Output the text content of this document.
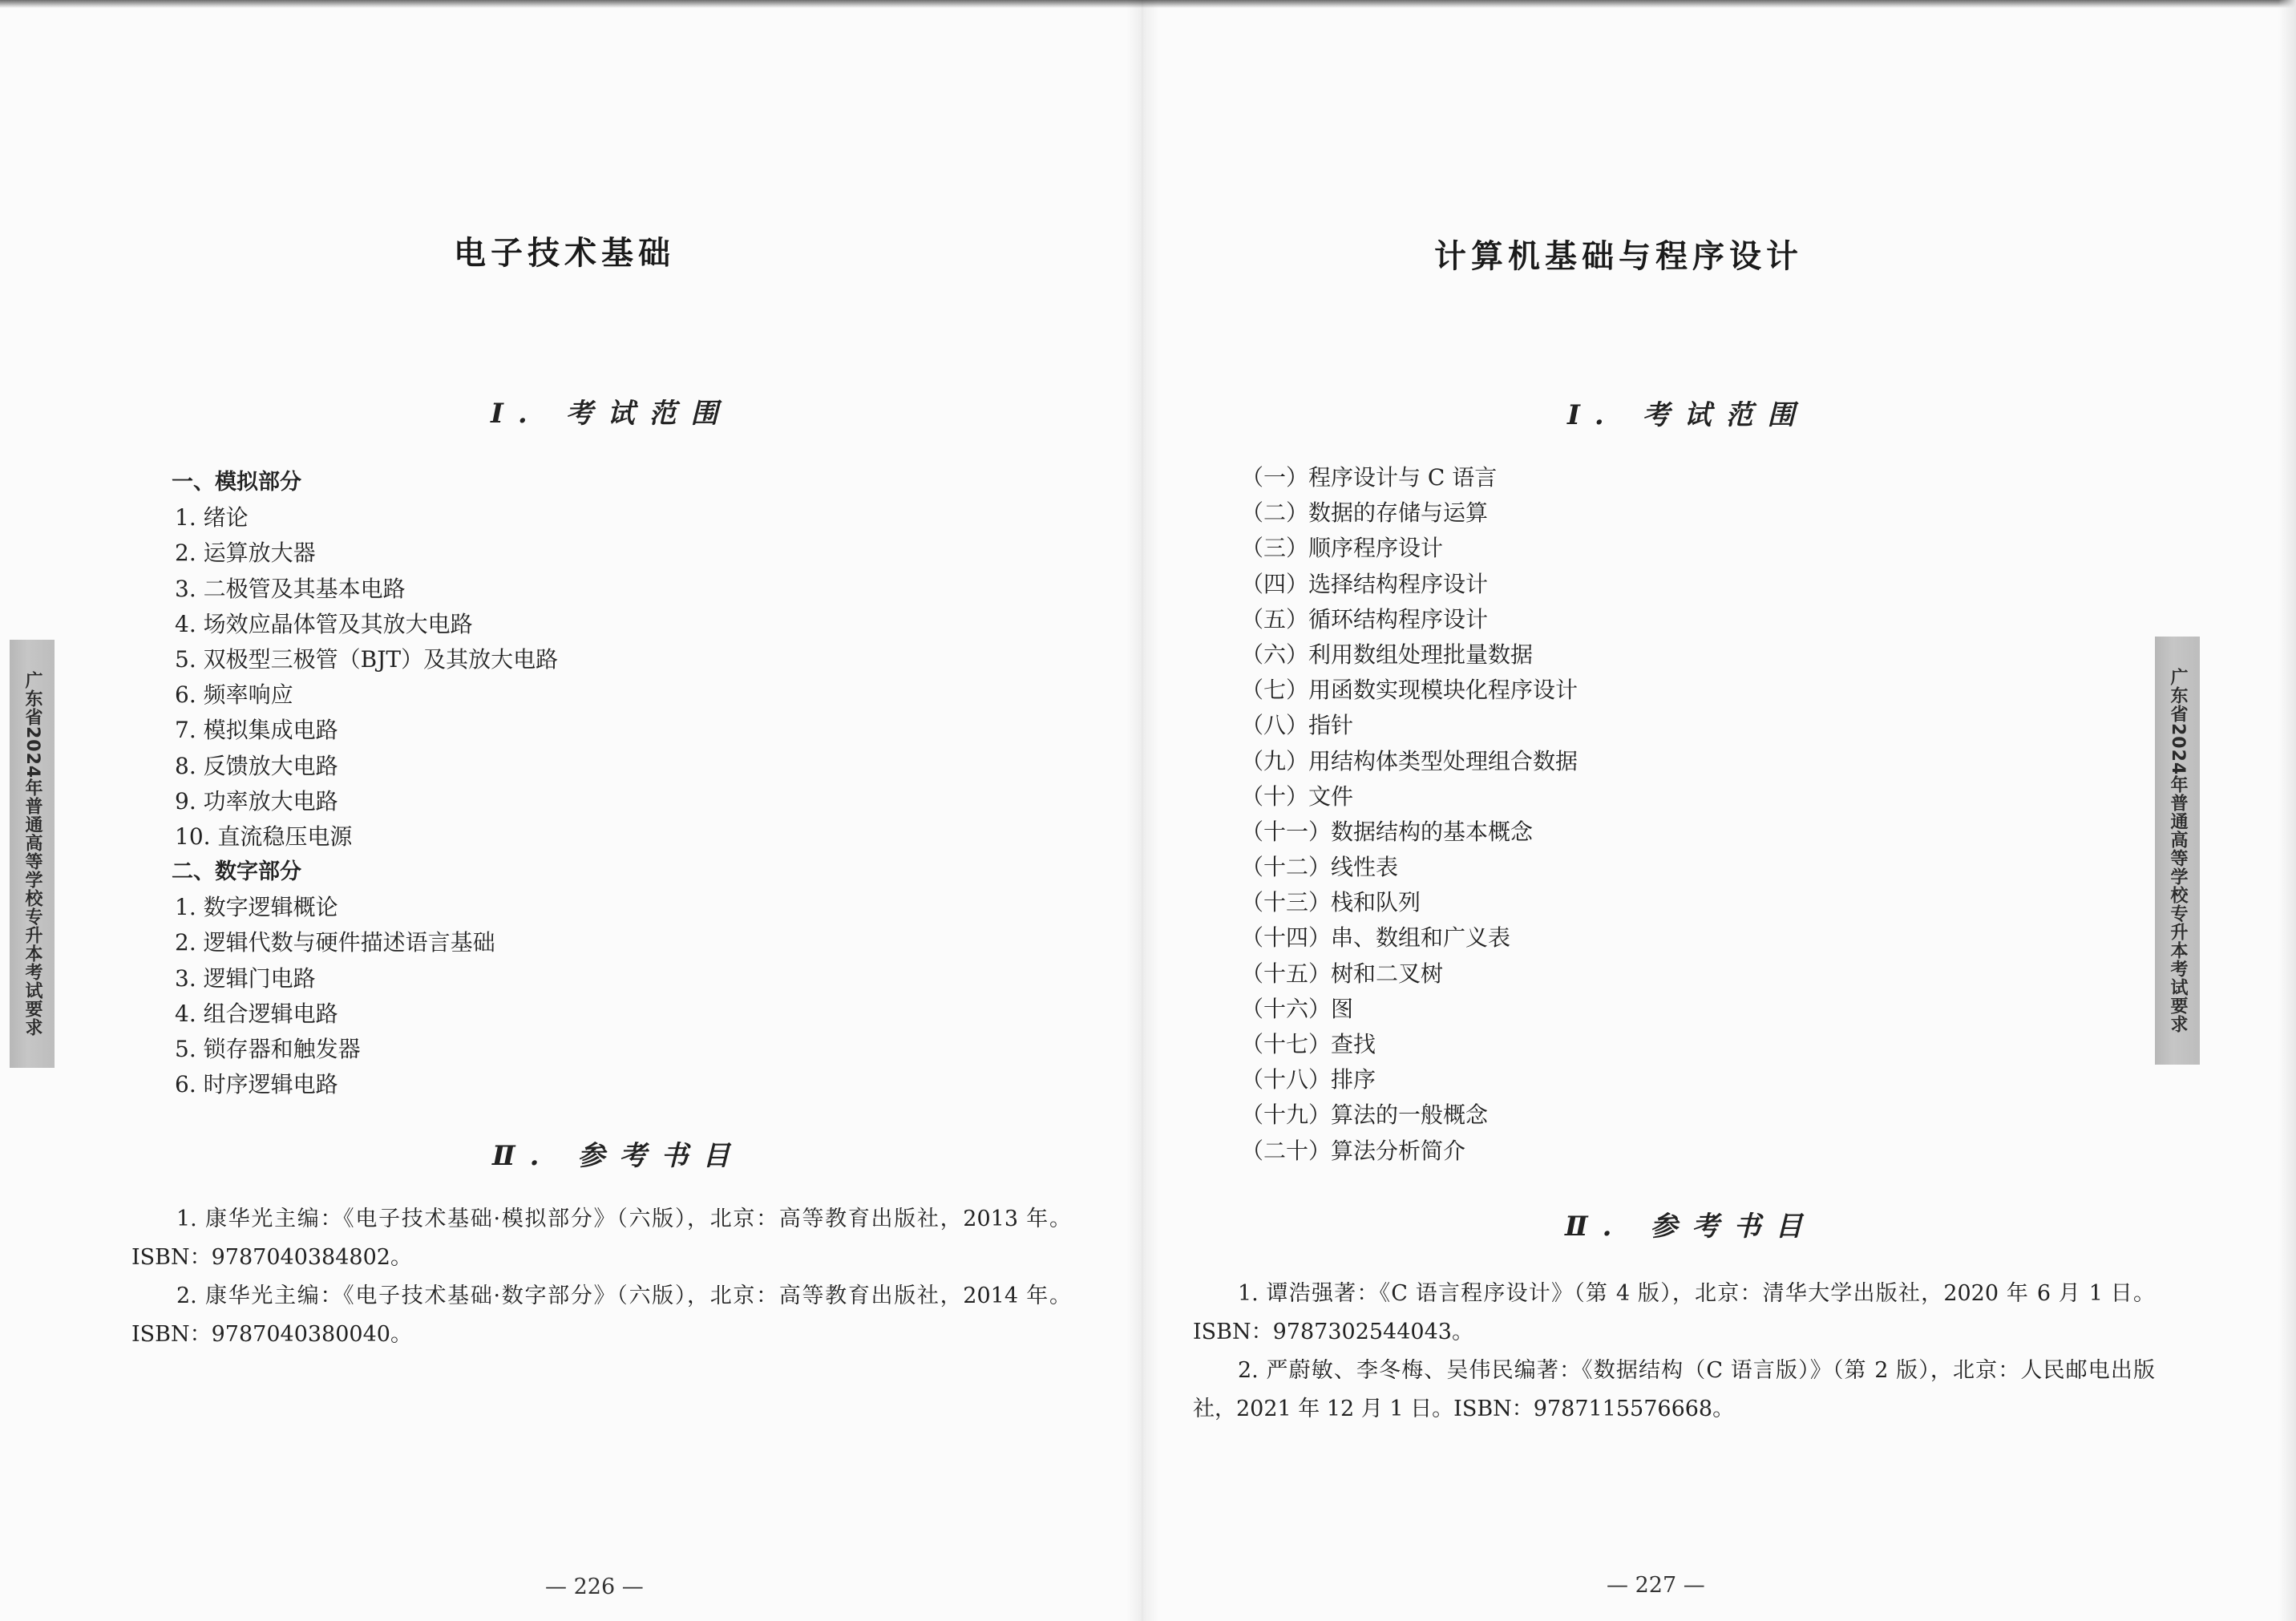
电子技术基础
Ⅰ. 考试范围
一、模拟部分
1. 绪论
2. 运算放大器
3. 二极管及其基本电路
4. 场效应晶体管及其放大电路
5. 双极型三极管（BJT）及其放大电路
6. 频率响应
7. 模拟集成电路
8. 反馈放大电路
9. 功率放大电路
10. 直流稳压电源
二、数字部分
1. 数字逻辑概论
2. 逻辑代数与硬件描述语言基础
3. 逻辑门电路
4. 组合逻辑电路
5. 锁存器和触发器
6. 时序逻辑电路
Ⅱ. 参考书目

1. 康华光主编：《电子技术基础·模拟部分》（六版），北京：高等教育出版社，2013 年。ISBN：9787040384802。

2. 康华光主编：《电子技术基础·数字部分》（六版），北京：高等教育出版社，2014 年。ISBN：9787040380040。

— 226 —
广东省2024年普通高等学校专升本考试要求
计算机基础与程序设计
Ⅰ. 考试范围
（一）程序设计与 C 语言
（二）数据的存储与运算
（三）顺序程序设计
（四）选择结构程序设计
（五）循环结构程序设计
（六）利用数组处理批量数据
（七）用函数实现模块化程序设计
（八）指针
（九）用结构体类型处理组合数据
（十）文件
（十一）数据结构的基本概念
（十二）线性表
（十三）栈和队列
（十四）串、数组和广义表
（十五）树和二叉树
（十六）图
（十七）查找
（十八）排序
（十九）算法的一般概念
（二十）算法分析简介
Ⅱ. 参考书目

1. 谭浩强著：《C 语言程序设计》（第 4 版），北京：清华大学出版社，2020 年 6 月 1 日。ISBN：9787302544043。

2. 严蔚敏、李冬梅、吴伟民编著：《数据结构（C 语言版）》（第 2 版），北京：人民邮电出版社，2021 年 12 月 1 日。ISBN：9787115576668。

— 227 —
广东省2024年普通高等学校专升本考试要求
